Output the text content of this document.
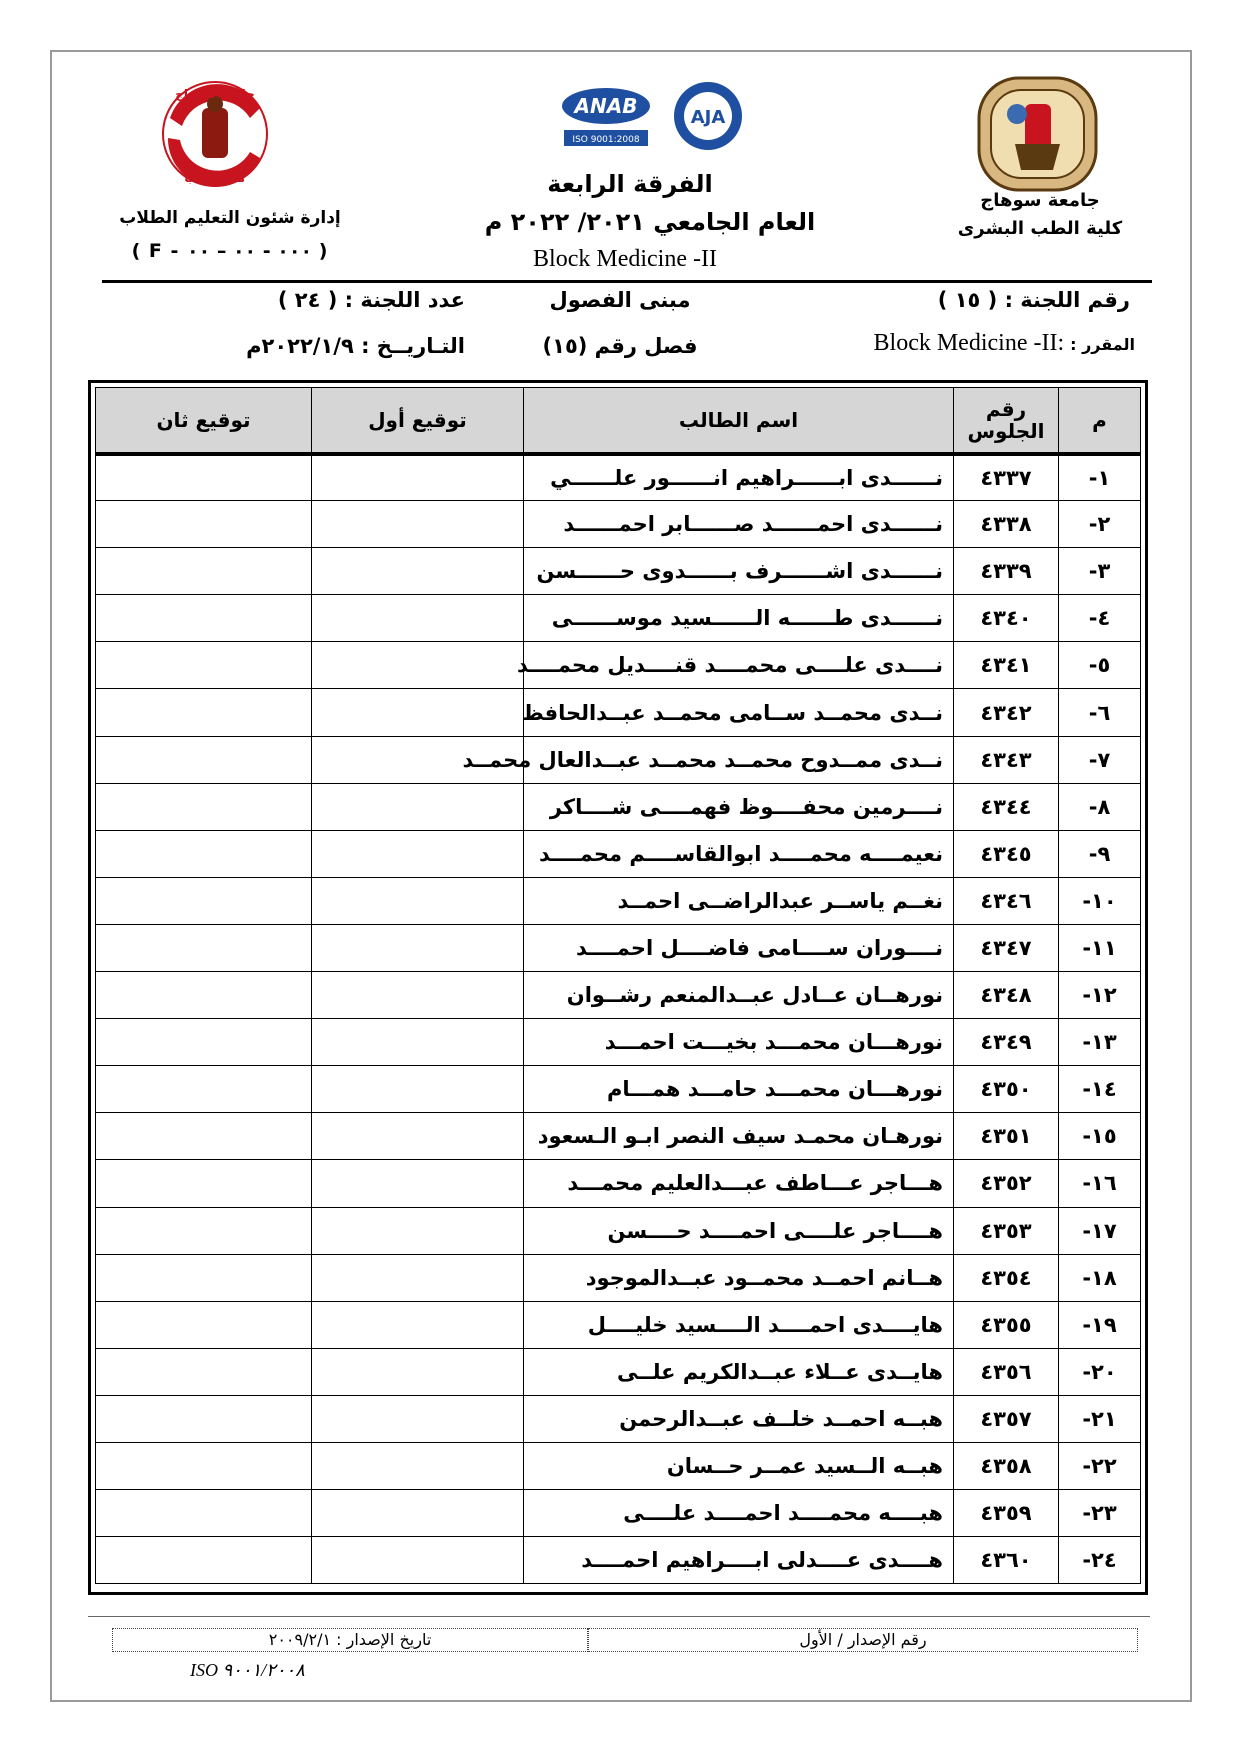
جامعة سوهاج
كلية الطب
ANAB
ISO 9001:2008
AJA
إدارة شئون التعليم الطلاب
( F - ٠٠٠ - ٠٠ – ٠٠ )
الفرقة الرابعة
العام الجامعي ٢٠٢١/ ٢٠٢٢ م
Block Medicine -II
جامعة سوهاج
كلية الطب البشرى
رقم اللجنة : ( ١٥ )
مبنى الفصول
عدد اللجنة : ( ٢٤ )
المقرر : Block Medicine -II:
فصل رقم (١٥)
التـاريــخ : ٢٠٢٢/١/٩م
م	رقم الجلوس	اسم الطالب	توقيع أول	توقيع ثان
١-	٤٣٣٧	نــــــدى ابــــــراهيم انــــــور علــــــي		
٢-	٤٣٣٨	نــــــدى احمــــــد صــــــابر احمــــــد		
٣-	٤٣٣٩	نــــــدى اشــــــرف بــــــدوى حــــــسن		
٤-	٤٣٤٠	نــــــدى طــــــه الــــــسيد موســــــى		
٥-	٤٣٤١	نــــدى علــــى محمــــد قنــــديل محمــــد		
٦-	٤٣٤٢	نــدى محمــد ســامى محمــد عبــدالحافظ		
٧-	٤٣٤٣	نــدى ممــدوح محمــد محمــد عبــدالعال محمــد		
٨-	٤٣٤٤	نــــرمين محفــــوظ فهمــــى شــــاكر		
٩-	٤٣٤٥	نعيمــــه محمــــد ابوالقاســــم محمــــد		
١٠-	٤٣٤٦	نغــم ياســر عبدالراضــى احمــد		
١١-	٤٣٤٧	نــــوران ســــامى فاضــــل احمــــد		
١٢-	٤٣٤٨	نورهــان عــادل عبــدالمنعم رشــوان		
١٣-	٤٣٤٩	نورهـــان محمـــد بخيـــت احمـــد		
١٤-	٤٣٥٠	نورهـــان محمـــد حامـــد همـــام		
١٥-	٤٣٥١	نورهـان محمـد سيف النصر ابـو الـسعود		
١٦-	٤٣٥٢	هـــاجر عـــاطف عبـــدالعليم محمـــد		
١٧-	٤٣٥٣	هــــاجر علــــى احمــــد حــــسن		
١٨-	٤٣٥٤	هــانم احمــد محمــود عبــدالموجود		
١٩-	٤٣٥٥	هايــــدى احمــــد الــــسيد خليــــل		
٢٠-	٤٣٥٦	هايــدى عــلاء عبــدالكريم علــى		
٢١-	٤٣٥٧	هبــه احمــد خلــف عبــدالرحمن		
٢٢-	٤٣٥٨	هبــه الــسيد عمــر حــسان		
٢٣-	٤٣٥٩	هبــــه محمــــد احمــــد علــــى		
٢٤-	٤٣٦٠	هــــدى عــــدلى ابــــراهيم احمــــد		
رقم الإصدار / الأول
تاريخ الإصدار : ٢٠٠٩/٢/١
ISO ٩٠٠١/٢٠٠٨
